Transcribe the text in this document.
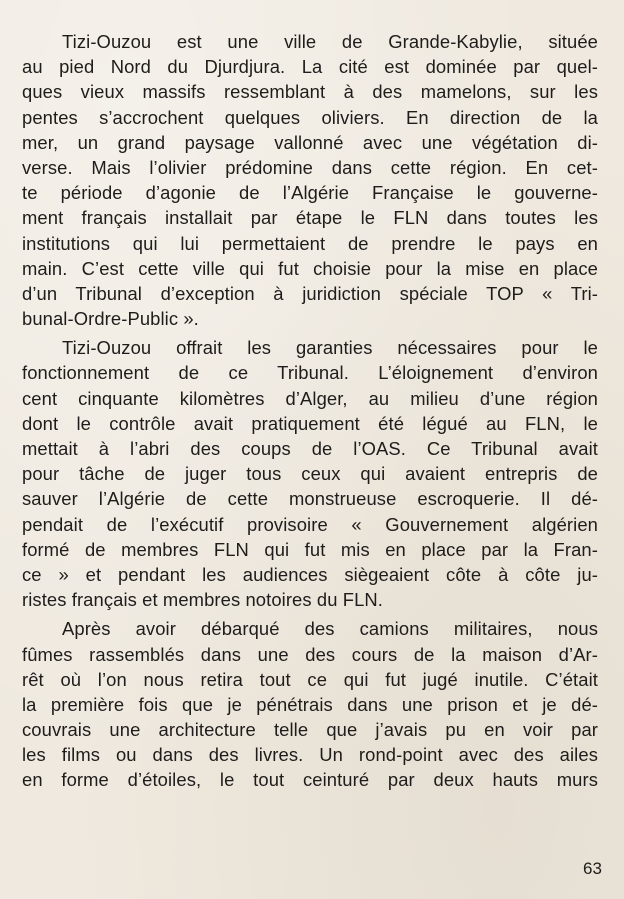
Tizi-Ouzou est une ville de Grande-Kabylie, située
au pied Nord du Djurdjura. La cité est dominée par quel-
ques vieux massifs ressemblant à des mamelons, sur les
pentes s’accrochent quelques oliviers. En direction de la
mer, un grand paysage vallonné avec une végétation di-
verse. Mais l’olivier prédomine dans cette région. En cet-
te période d’agonie de l’Algérie Française le gouverne-
ment français installait par étape le FLN dans toutes les
institutions qui lui permettaient de prendre le pays en
main. C’est cette ville qui fut choisie pour la mise en place
d’un Tribunal d’exception à juridiction spéciale TOP « Tri-
bunal-Ordre-Public ».
Tizi-Ouzou offrait les garanties nécessaires pour le
fonctionnement de ce Tribunal. L’éloignement d’environ
cent cinquante kilomètres d’Alger, au milieu d’une région
dont le contrôle avait pratiquement été légué au FLN, le
mettait à l’abri des coups de l’OAS. Ce Tribunal avait
pour tâche de juger tous ceux qui avaient entrepris de
sauver l’Algérie de cette monstrueuse escroquerie. Il dé-
pendait de l’exécutif provisoire « Gouvernement algérien
formé de membres FLN qui fut mis en place par la Fran-
ce » et pendant les audiences siègeaient côte à côte ju-
ristes français et membres notoires du FLN.
Après avoir débarqué des camions militaires, nous
fûmes rassemblés dans une des cours de la maison d’Ar-
rêt où l’on nous retira tout ce qui fut jugé inutile. C’était
la première fois que je pénétrais dans une prison et je dé-
couvrais une architecture telle que j’avais pu en voir par
les films ou dans des livres. Un rond-point avec des ailes
en forme d’étoiles, le tout ceinturé par deux hauts murs
63
